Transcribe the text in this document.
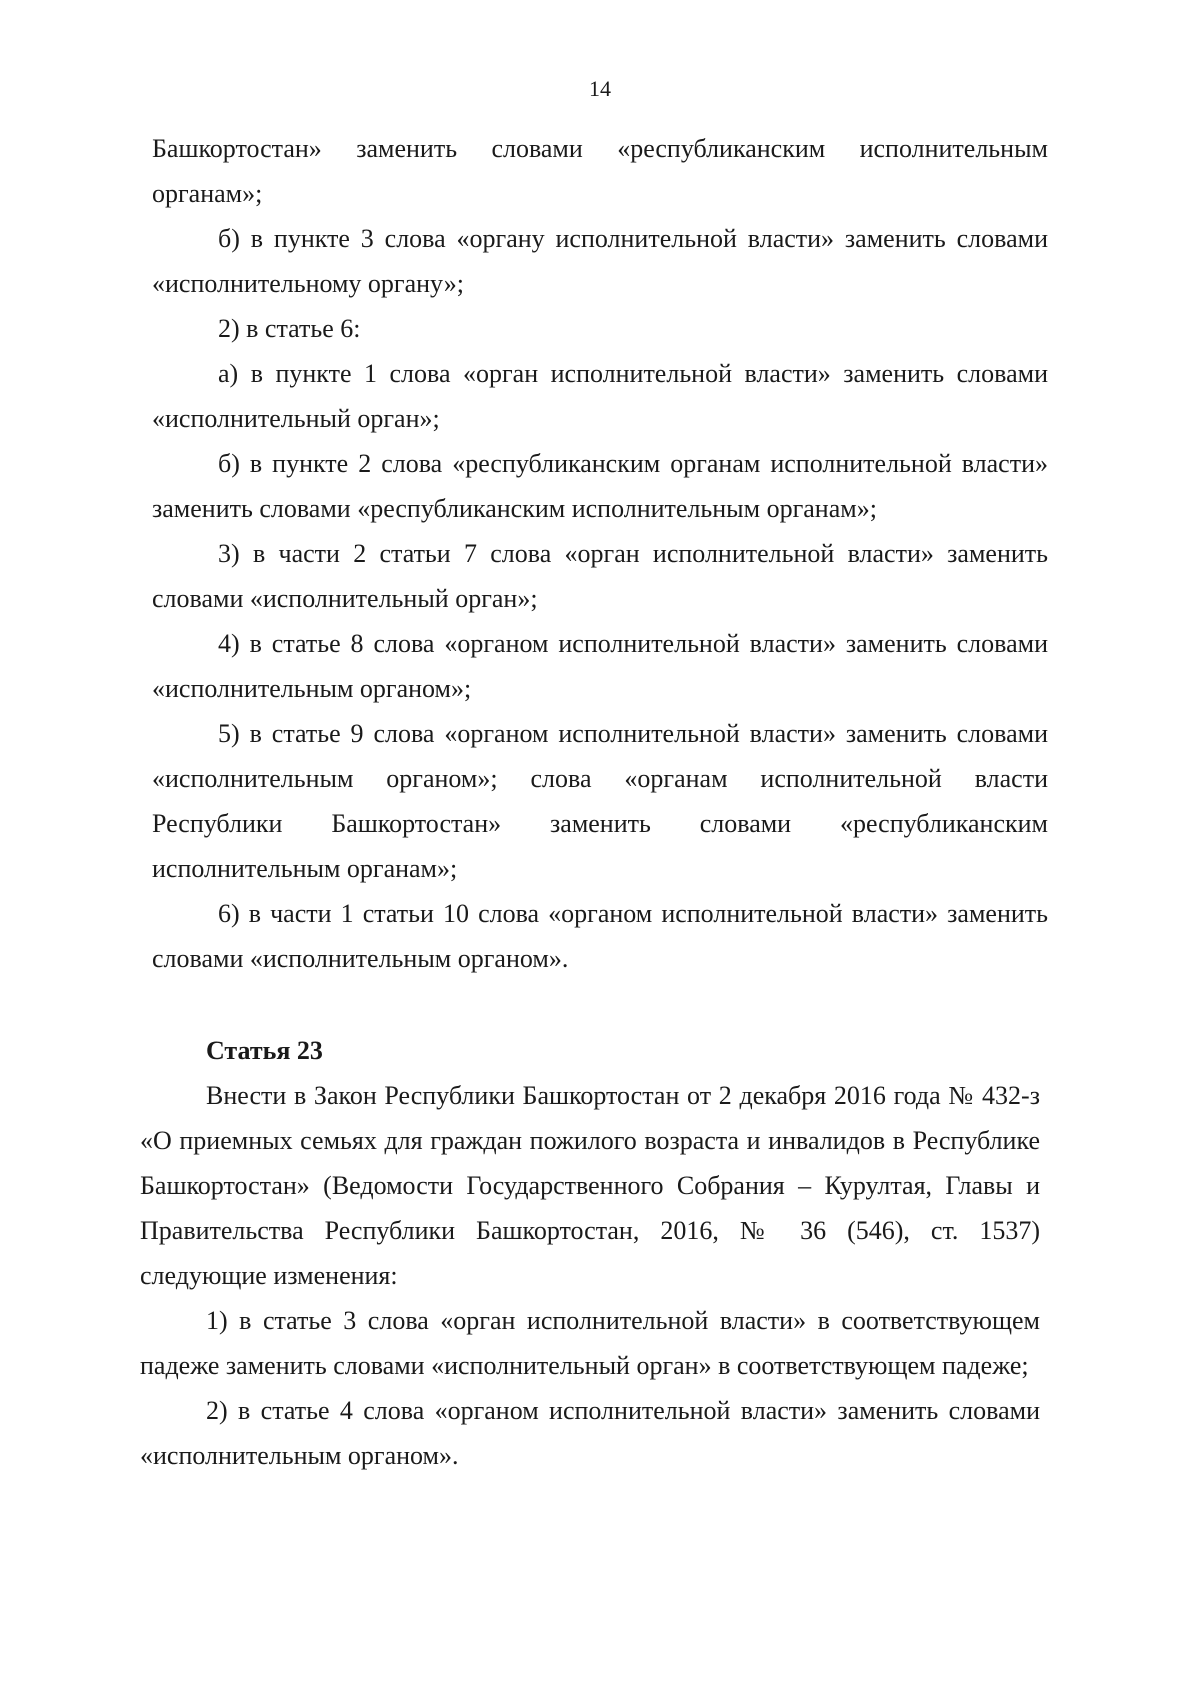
14

Башкортостан» заменить словами «республиканским исполнительным органам»;

б) в пункте 3 слова «органу исполнительной власти» заменить словами «исполнительному органу»;

2) в статье 6:

а) в пункте 1 слова «орган исполнительной власти» заменить словами «исполнительный орган»;

б) в пункте 2 слова «республиканским органам исполнительной власти» заменить словами «республиканским исполнительным органам»;

3) в части 2 статьи 7 слова «орган исполнительной власти» заменить словами «исполнительный орган»;

4) в статье 8 слова «органом исполнительной власти» заменить словами «исполнительным органом»;

5) в статье 9 слова «органом исполнительной власти» заменить словами «исполнительным органом»; слова «органам исполнительной власти Республики Башкортостан» заменить словами «республиканским исполнительным органам»;

6) в части 1 статьи 10 слова «органом исполнительной власти» заменить словами «исполнительным органом».

Статья 23

Внести в Закон Республики Башкортостан от 2 декабря 2016 года № 432-з «О приемных семьях для граждан пожилого возраста и инвалидов в Республике Башкортостан» (Ведомости Государственного Собрания – Курултая, Главы и Правительства Республики Башкортостан, 2016, № 36 (546), ст. 1537) следующие изменения:

1) в статье 3 слова «орган исполнительной власти» в соответствующем падеже заменить словами «исполнительный орган» в соответствующем падеже;

2) в статье 4 слова «органом исполнительной власти» заменить словами «исполнительным органом».
